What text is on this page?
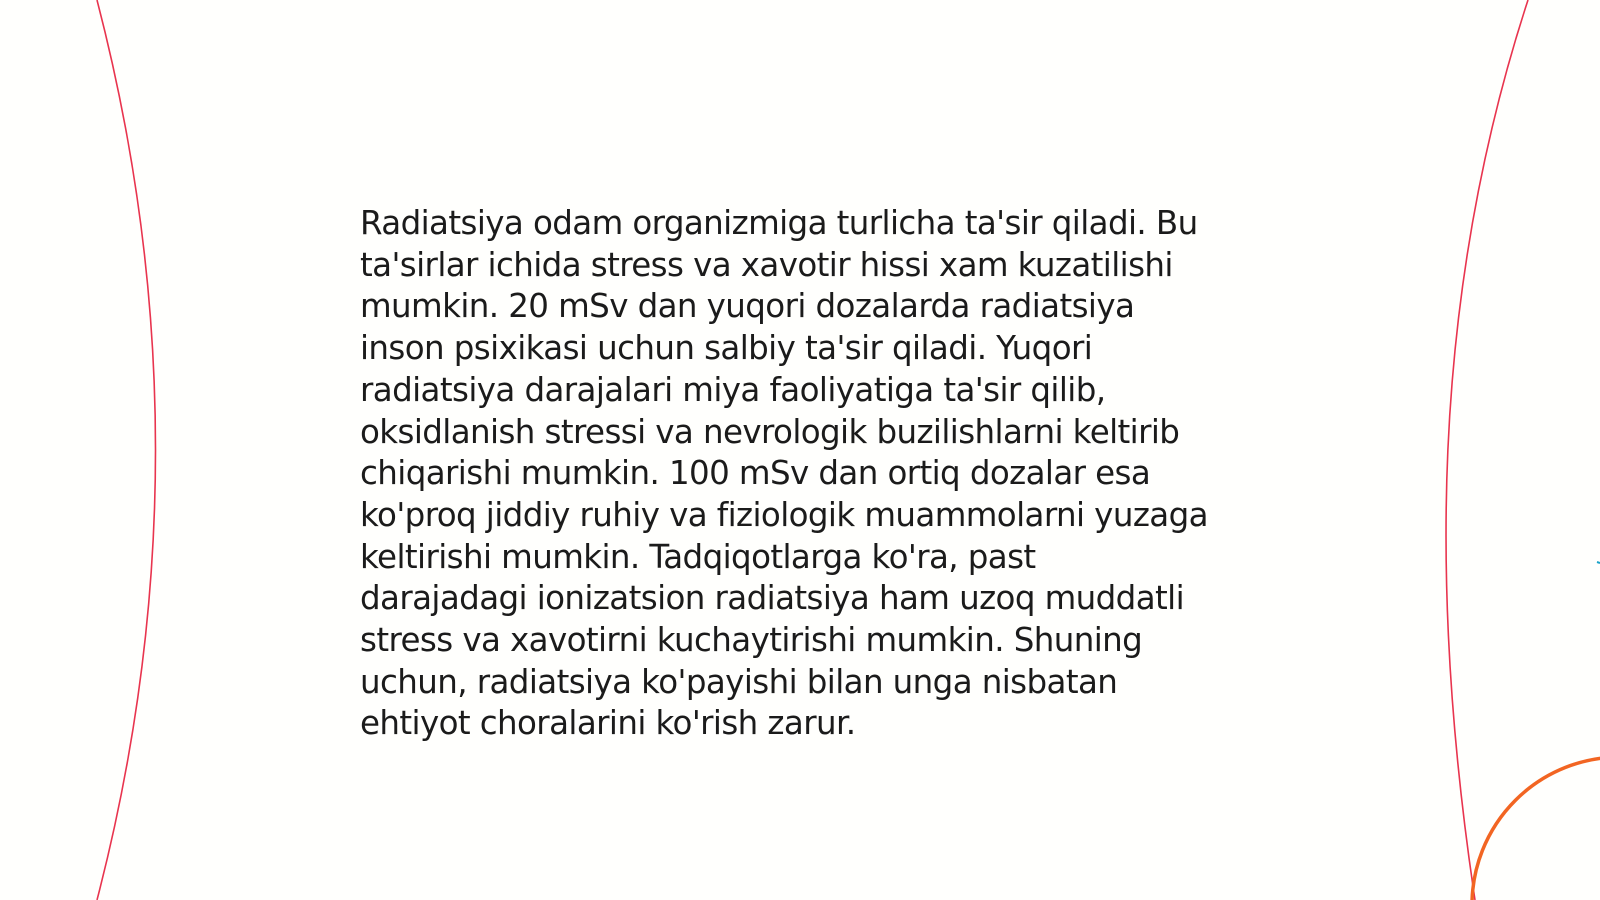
Radiatsiya odam organizmiga turlicha ta'sir qiladi. Bu
ta'sirlar ichida stress va xavotir hissi xam kuzatilishi
mumkin. 20 mSv dan yuqori dozalarda radiatsiya
inson psixikasi uchun salbiy ta'sir qiladi. Yuqori
radiatsiya darajalari miya faoliyatiga ta'sir qilib,
oksidlanish stressi va nevrologik buzilishlarni keltirib
chiqarishi mumkin. 100 mSv dan ortiq dozalar esa
ko'proq jiddiy ruhiy va fiziologik muammolarni yuzaga
keltirishi mumkin. Tadqiqotlarga ko'ra, past
darajadagi ionizatsion radiatsiya ham uzoq muddatli
stress va xavotirni kuchaytirishi mumkin. Shuning
uchun, radiatsiya ko'payishi bilan unga nisbatan
ehtiyot choralarini ko'rish zarur.
